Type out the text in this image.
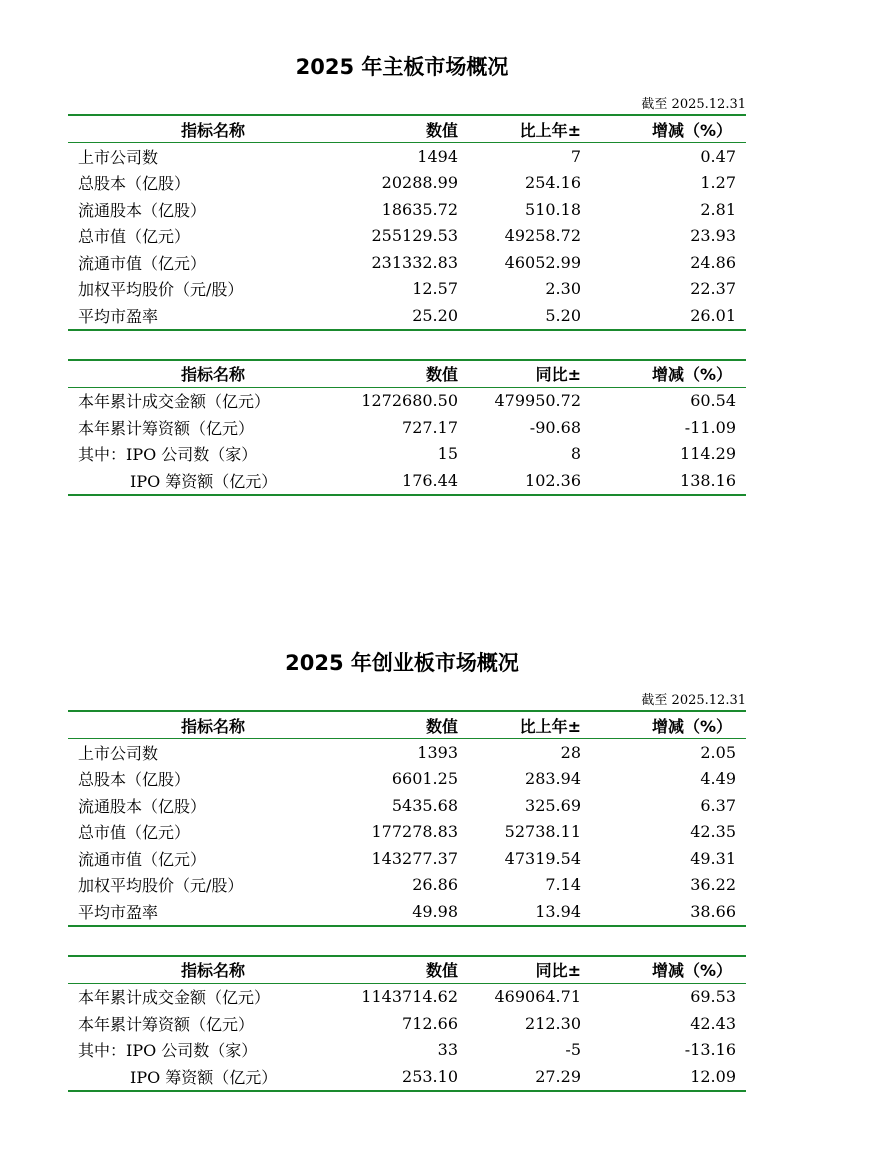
2025 年主板市场概况
截至 2025.12.31
指标名称	数值	比上年±	增减（%）
上市公司数	1494	7	0.47
总股本（亿股）	20288.99	254.16	1.27
流通股本（亿股）	18635.72	510.18	2.81
总市值（亿元）	255129.53	49258.72	23.93
流通市值（亿元）	231332.83	46052.99	24.86
加权平均股价（元/股）	12.57	2.30	22.37
平均市盈率	25.20	5.20	26.01
指标名称	数值	同比±	增减（%）
本年累计成交金额（亿元）	1272680.50	479950.72	60.54
本年累计筹资额（亿元）	727.17	-90.68	-11.09
其中：IPO 公司数（家）	15	8	114.29
IPO 筹资额（亿元）	176.44	102.36	138.16
2025 年创业板市场概况
截至 2025.12.31
指标名称	数值	比上年±	增减（%）
上市公司数	1393	28	2.05
总股本（亿股）	6601.25	283.94	4.49
流通股本（亿股）	5435.68	325.69	6.37
总市值（亿元）	177278.83	52738.11	42.35
流通市值（亿元）	143277.37	47319.54	49.31
加权平均股价（元/股）	26.86	7.14	36.22
平均市盈率	49.98	13.94	38.66
指标名称	数值	同比±	增减（%）
本年累计成交金额（亿元）	1143714.62	469064.71	69.53
本年累计筹资额（亿元）	712.66	212.30	42.43
其中：IPO 公司数（家）	33	-5	-13.16
IPO 筹资额（亿元）	253.10	27.29	12.09
